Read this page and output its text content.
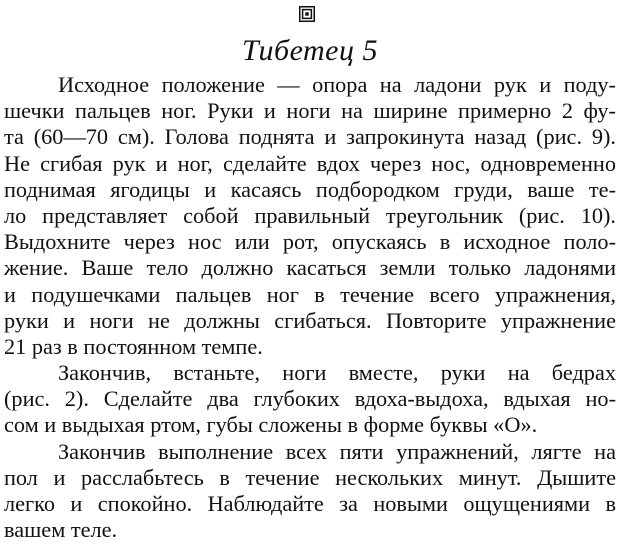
Тибетец 5
Исходное положение — опора на ладони рук и поду-
шечки пальцев ног. Руки и ноги на ширине примерно 2 фу-
та (60—70 см). Голова поднята и запрокинута назад (рис. 9).
Не сгибая рук и ног, сделайте вдох через нос, одновременно
поднимая ягодицы и касаясь подбородком груди, ваше те-
ло представляет собой правильный треугольник (рис. 10).
Выдохните через нос или рот, опускаясь в исходное поло-
жение. Ваше тело должно касаться земли только ладонями
и подушечками пальцев ног в течение всего упражнения,
руки и ноги не должны сгибаться. Повторите упражнение
21 раз в постоянном темпе.
Закончив, встаньте, ноги вместе, руки на бедрах
(рис. 2). Сделайте два глубоких вдоха-выдоха, вдыхая но-
сом и выдыхая ртом, губы сложены в форме буквы «О».
Закончив выполнение всех пяти упражнений, лягте на
пол и расслабьтесь в течение нескольких минут. Дышите
легко и спокойно. Наблюдайте за новыми ощущениями в
вашем теле.
